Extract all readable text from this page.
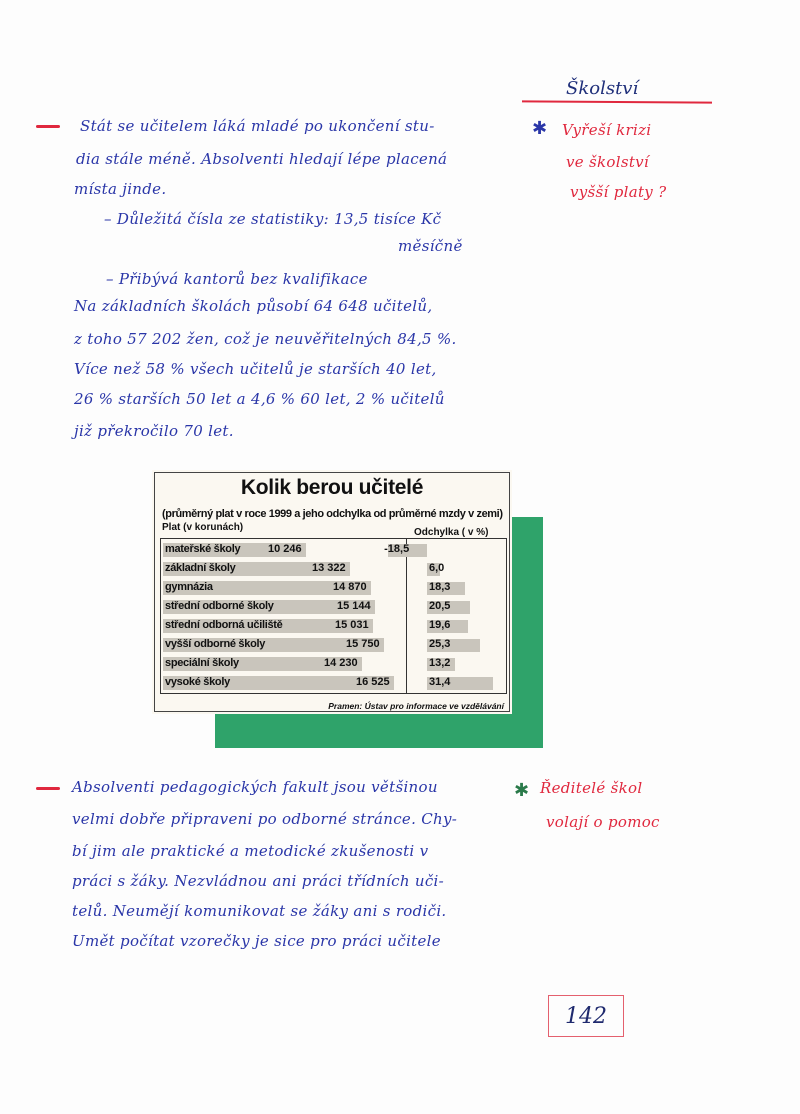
Školství

Stát se učitelem láká mladé po ukončení stu-

dia stále méně. Absolventi hledají lépe placená

místa jinde.

– Důležitá čísla ze statistiky: 13,5 tisíce Kč

měsíčně

– Přibývá kantorů bez kvalifikace

Na základních školách působí 64 648 učitelů,

z toho 57 202 žen, což je neuvěřitelných 84,5 %.

Více než 58 % všech učitelů je starších 40 let,

26 % starších 50 let a 4,6 % 60 let, 2 % učitelů

již překročilo 70 let.

✱ Vyřeší krizi

ve školství

vyšší platy ?

Kolik berou učitelé
(průměrný plat v roce 1999 a jeho odchylka od průměrné mzdy v zemi)
Plat (v korunách)	Odchylka ( v %)
mateřské školy	10 246	-18,5
základní školy	13 322	6,0
gymnázia	14 870	18,3
střední odborné školy	15 144	20,5
střední odborná učiliště	15 031	19,6
vyšší odborné školy	15 750	25,3
speciální školy	14 230	13,2
vysoké školy	16 525	31,4
Pramen: Ústav pro informace ve vzdělávání

Absolventi pedagogických fakult jsou většinou

velmi dobře připraveni po odborné stránce. Chy-

bí jim ale praktické a metodické zkušenosti v

práci s žáky. Nezvládnou ani práci třídních uči-

telů. Neumějí komunikovat se žáky ani s rodiči.

Umět počítat vzorečky je sice pro práci učitele

✱ Ředitelé škol

volají o pomoc

142
